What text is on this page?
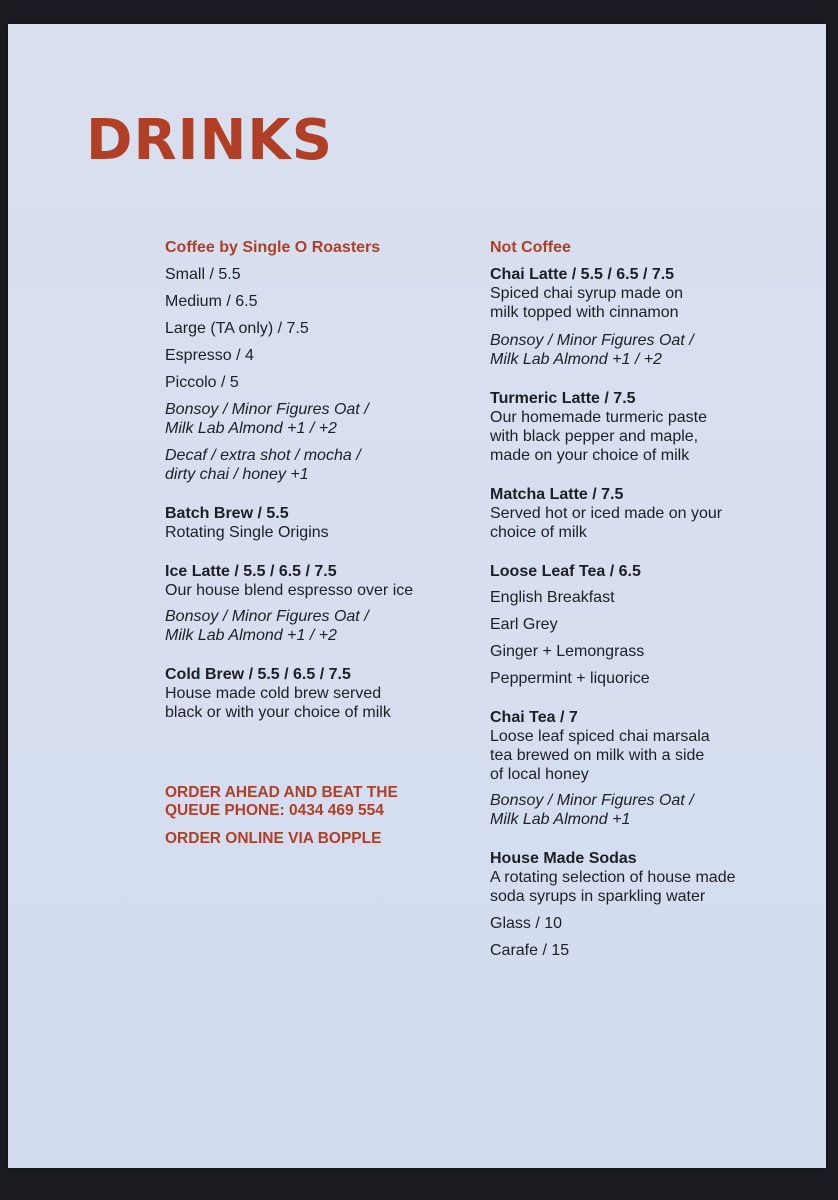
DRINKS
Coffee by Single O Roasters
Small / 5.5
Medium / 6.5
Large (TA only) / 7.5
Espresso / 4
Piccolo / 5
Bonsoy / Minor Figures Oat /
Milk Lab Almond +1 / +2
Decaf / extra shot / mocha /
dirty chai / honey +1
Batch Brew / 5.5
Rotating Single Origins
Ice Latte / 5.5 / 6.5 / 7.5
Our house blend espresso over ice
Bonsoy / Minor Figures Oat /
Milk Lab Almond +1 / +2
Cold Brew / 5.5 / 6.5 / 7.5
House made cold brew served
black or with your choice of milk
ORDER AHEAD AND BEAT THE
QUEUE PHONE: 0434 469 554
ORDER ONLINE VIA BOPPLE
Not Coffee
Chai Latte / 5.5 / 6.5 / 7.5
Spiced chai syrup made on
milk topped with cinnamon
Bonsoy / Minor Figures Oat /
Milk Lab Almond +1 / +2
Turmeric Latte / 7.5
Our homemade turmeric paste
with black pepper and maple,
made on your choice of milk
Matcha Latte / 7.5
Served hot or iced made on your
choice of milk
Loose Leaf Tea / 6.5
English Breakfast
Earl Grey
Ginger + Lemongrass
Peppermint + liquorice
Chai Tea / 7
Loose leaf spiced chai marsala
tea brewed on milk with a side
of local honey
Bonsoy / Minor Figures Oat /
Milk Lab Almond +1
House Made Sodas
A rotating selection of house made
soda syrups in sparkling water
Glass / 10
Carafe / 15
